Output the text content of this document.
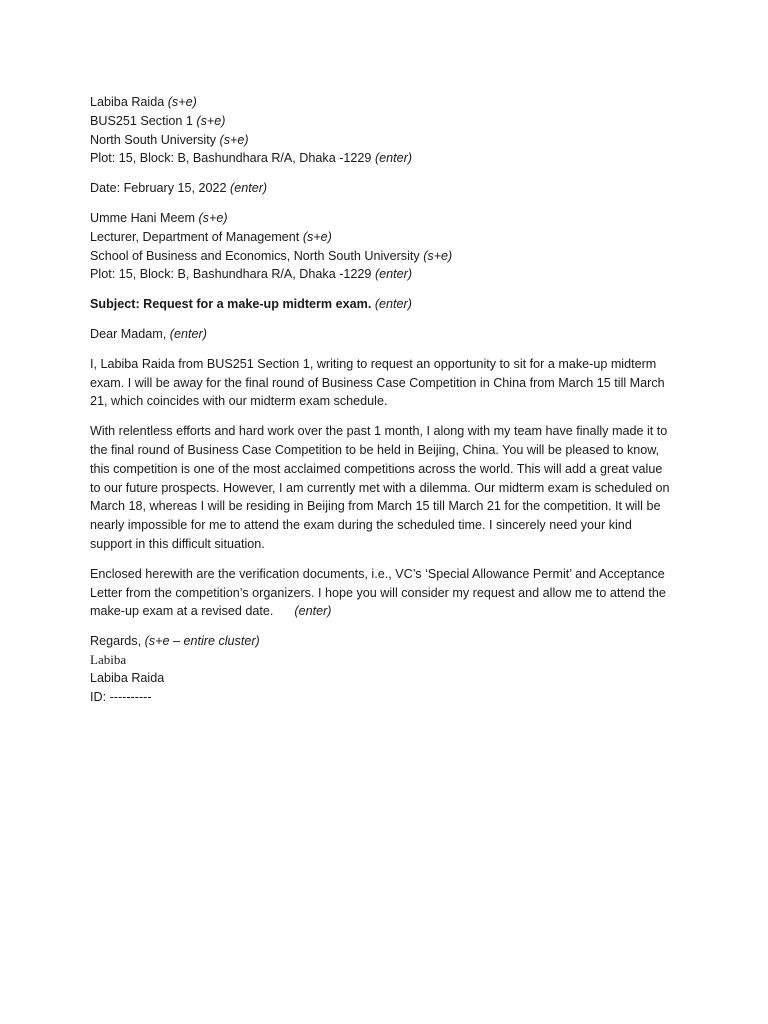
Labiba Raida (s+e)
BUS251 Section 1 (s+e)
North South University (s+e)
Plot: 15, Block: B, Bashundhara R/A, Dhaka -1229 (enter)
Date: February 15, 2022 (enter)
Umme Hani Meem (s+e)
Lecturer, Department of Management (s+e)
School of Business and Economics, North South University (s+e)
Plot: 15, Block: B, Bashundhara R/A, Dhaka -1229 (enter)
Subject: Request for a make-up midterm exam. (enter)
Dear Madam, (enter)

I, Labiba Raida from BUS251 Section 1, writing to request an opportunity to sit for a make-up midterm exam. I will be away for the final round of Business Case Competition in China from March 15 till March 21, which coincides with our midterm exam schedule.

With relentless efforts and hard work over the past 1 month, I along with my team have finally made it to the final round of Business Case Competition to be held in Beijing, China. You will be pleased to know, this competition is one of the most acclaimed competitions across the world. This will add a great value to our future prospects. However, I am currently met with a dilemma. Our midterm exam is scheduled on March 18, whereas I will be residing in Beijing from March 15 till March 21 for the competition. It will be nearly impossible for me to attend the exam during the scheduled time. I sincerely need your kind support in this difficult situation.

Enclosed herewith are the verification documents, i.e., VC’s ‘Special Allowance Permit’ and Acceptance Letter from the competition’s organizers. I hope you will consider my request and allow me to attend the make-up exam at a revised date. (enter)

Regards, (s+e – entire cluster)
Labiba
Labiba Raida
ID: ----------
